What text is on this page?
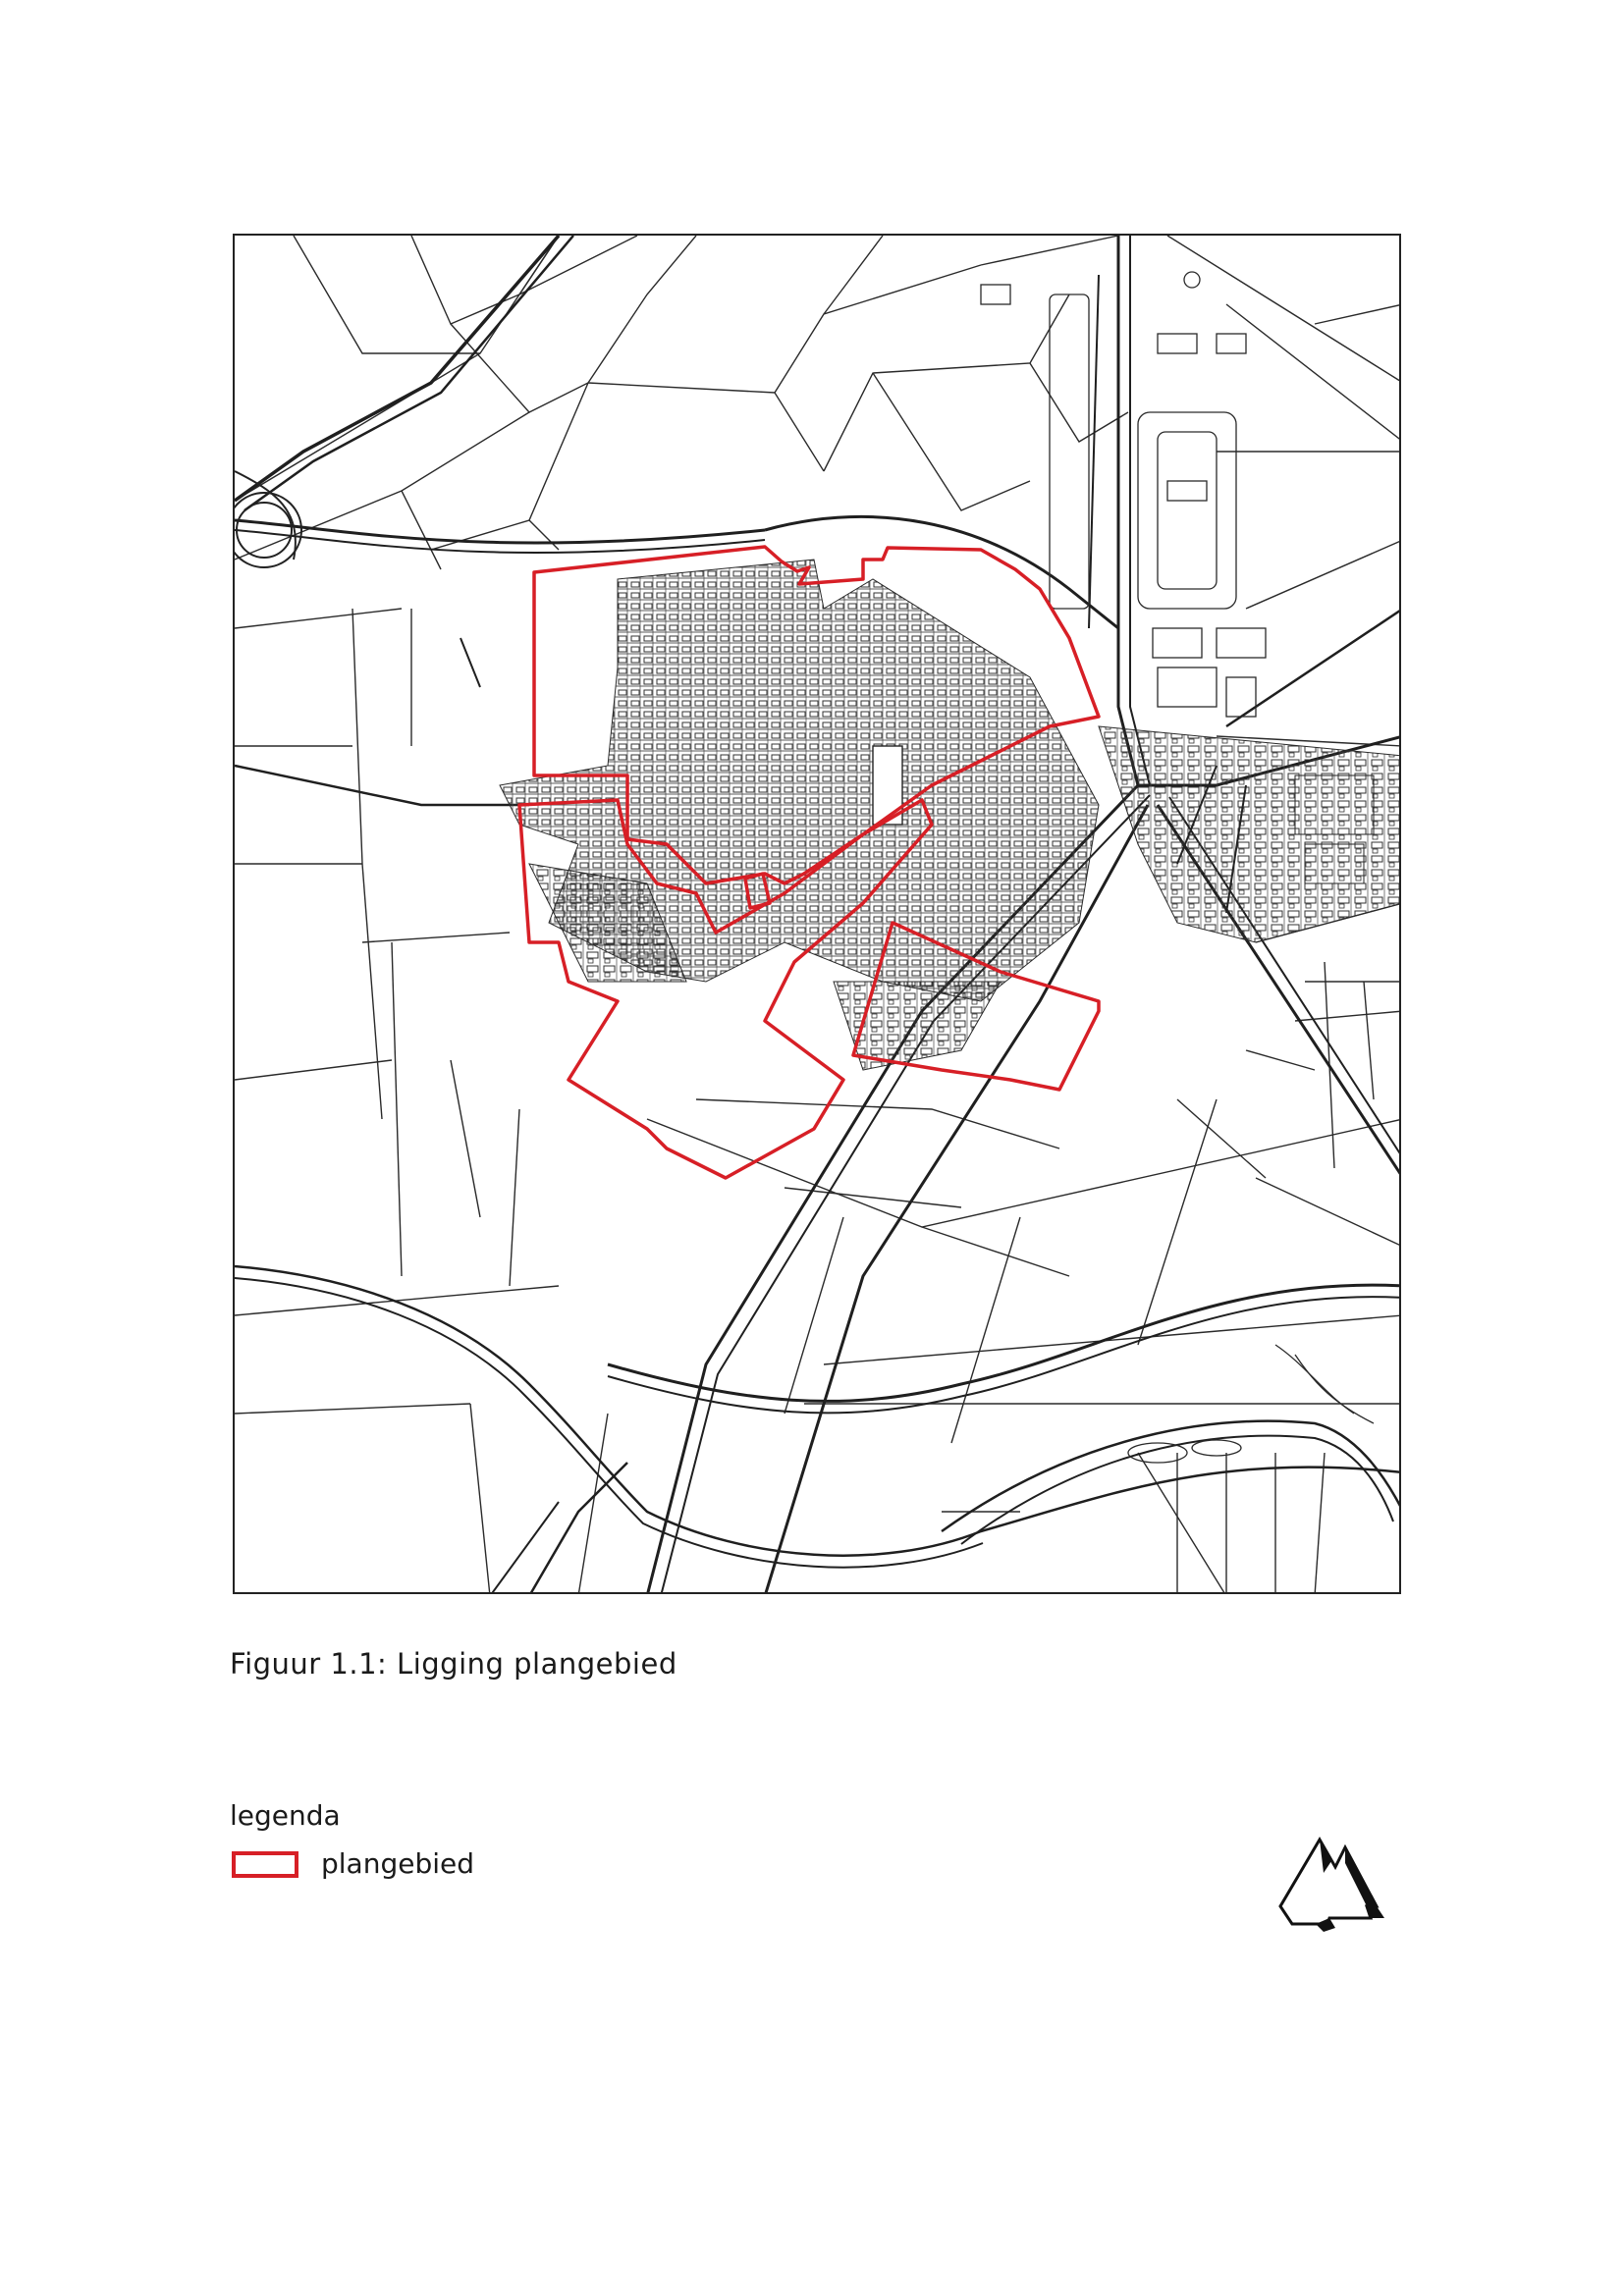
Figuur 1.1: Ligging plangebied
legenda
plangebied
